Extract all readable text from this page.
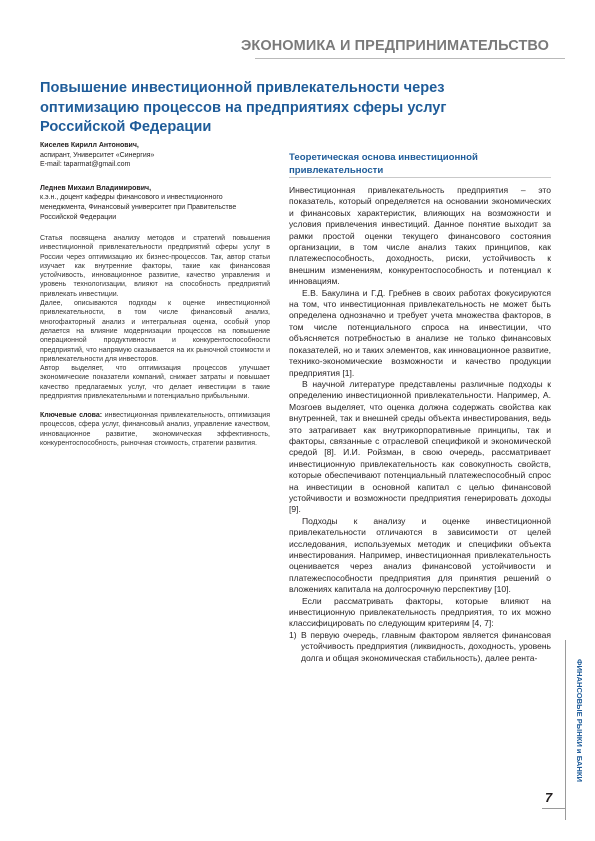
ЭКОНОМИКА И ПРЕДПРИНИМАТЕЛЬСТВО
Повышение инвестиционной привлекательности через оптимизацию процессов на предприятиях сферы услуг Российской Федерации

Киселев Кирилл Антонович,

аспирант, Университет «Синергия»

E-mail: taparmat@gmail.com

Леднев Михаил Владимирович,

к.э.н., доцент кафедры финансового и инвестиционного менеджмента, Финансовый университет при Правительстве Российской Федерации

Статья посвящена анализу методов и стратегий повышения инвестиционной привлекательности предприятий сферы услуг в России через оптимизацию их бизнес-процессов. Так, автор статьи изучает как внутренние факторы, такие как финансовая устойчивость, инновационное развитие, качество управления и уровень технологизации, влияют на способность предприятий привлекать инвестиции.

Далее, описываются подходы к оценке инвестиционной привлекательности, в том числе финансовый анализ, многофакторный анализ и интегральная оценка, особый упор делается на влияние модернизации процессов на повышение операционной продуктивности и конкурентоспособности предприятий, что напрямую сказывается на их рыночной стоимости и привлекательности для инвесторов.

Автор выделяет, что оптимизация процессов улучшает экономические показатели компаний, снижает затраты и повышает качество предлагаемых услуг, что делает инвестиции в такие предприятия привлекательными и потенциально прибыльными.

Ключевые слова: инвестиционная привлекательность, оптимизация процессов, сфера услуг, финансовый анализ, управление качеством, инновационное развитие, экономическая эффективность, конкурентоспособность, рыночная стоимость, стратегии развития.

Теоретическая основа инвестиционной привлекательности

Инвестиционная привлекательность предприятия – это показатель, который определяется на основании экономических и финансовых характеристик, влияющих на возможности и условия привлечения инвестиций. Данное понятие выходит за рамки простой оценки текущего финансового состояния организации, в том числе анализ таких принципов, как платежеспособность, доходность, риски, устойчивость к внешним изменениям, конкурентоспособность и потенциал к инновациям.

Е.В. Бакулина и Г.Д. Гребнев в своих работах фокусируются на том, что инвестиционная привлекательность не может быть определена однозначно и требует учета множества факторов, в том числе потенциального спроса на инвестиции, что объясняется потребностью в анализе не только финансовых показателей, но и таких элементов, как инновационное развитие, технико-экономические возможности и качество продукции предприятия [1].

В научной литературе представлены различные подходы к определению инвестиционной привлекательности. Например, А. Мозгоев выделяет, что оценка должна содержать свойства как внутренней, так и внешней среды объекта инвестирования, ведь это затрагивает как внутрикорпоративные принципы, так и факторы, связанные с отраслевой спецификой и экономической средой [8]. И.И. Ройзман, в свою очередь, рассматривает инвестиционную привлекательность как совокупность свойств, которые обеспечивают потенциальный платежеспособный спрос на инвестиции в основной капитал с целью финансовой устойчивости и возможности предприятия генерировать доходы [9].

Подходы к анализу и оценке инвестиционной привлекательности отличаются в зависимости от целей исследования, используемых методик и специфики объекта инвестирования. Например, инвестиционная привлекательность оценивается через анализ финансовой устойчивости и платежеспособности предприятия для принятия решений о вложениях капитала на долгосрочную перспективу [10].

Если рассматривать факторы, которые влияют на инвестиционную привлекательность предприятия, то их можно классифицировать по следующим критериям [4, 7]:

1) В первую очередь, главным фактором является финансовая устойчивость предприятия (ликвидность, доходность, уровень долга и общая экономическая стабильность), далее рента-

ФИНАНСОВЫЕ РЫНКИ и БАНКИ
7
